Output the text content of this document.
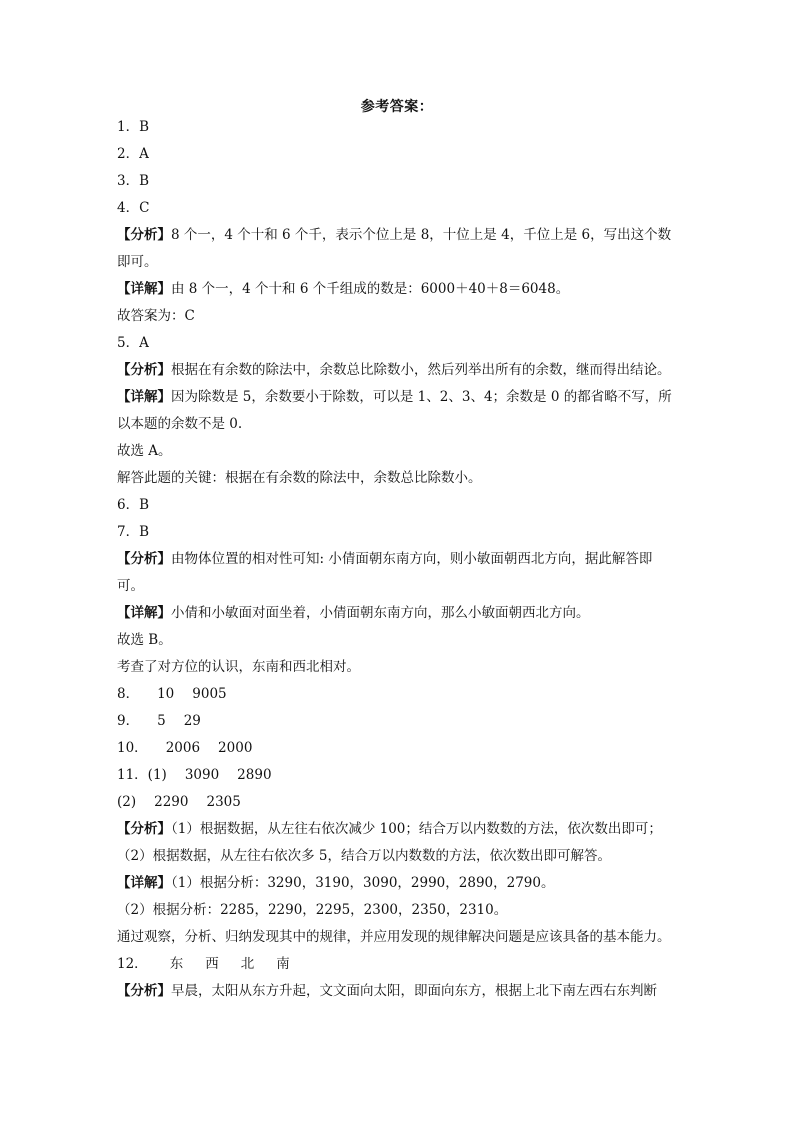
参考答案：
1．B
2．A
3．B
4．C
【分析】8 个一，4 个十和 6 个千，表示个位上是 8，十位上是 4，千位上是 6，写出这个数
即可。
【详解】由 8 个一，4 个十和 6 个千组成的数是：6000＋40＋8＝6048。
故答案为：C
5．A
【分析】根据在有余数的除法中，余数总比除数小，然后列举出所有的余数，继而得出结论。
【详解】因为除数是 5，余数要小于除数，可以是 1、2、3、4；余数是 0 的都省略不写，所
以本题的余数不是 0.
故选 A。
解答此题的关键：根据在有余数的除法中，余数总比除数小。
6．B
7．B
【分析】由物体位置的相对性可知: 小倩面朝东南方向，则小敏面朝西北方向，据此解答即
可。
【详解】小倩和小敏面对面坐着，小倩面朝东南方向，那么小敏面朝西北方向。
故选 B。
考查了对方位的认识，东南和西北相对。
8． 10 9005
9． 5 29
10． 2006 2000
11．(1) 3090 2890
(2) 2290 2305
【分析】（1）根据数据，从左往右依次减少 100；结合万以内数数的方法，依次数出即可；
（2）根据数据，从左往右依次多 5，结合万以内数数的方法，依次数出即可解答。
【详解】（1）根据分析：3290，3190，3090，2990，2890，2790。
（2）根据分析：2285，2290，2295，2300，2350，2310。
通过观察，分析、归纳发现其中的规律，并应用发现的规律解决问题是应该具备的基本能力。
12． 东 西 北 南
【分析】早晨，太阳从东方升起，文文面向太阳，即面向东方，根据上北下南左西右东判断
